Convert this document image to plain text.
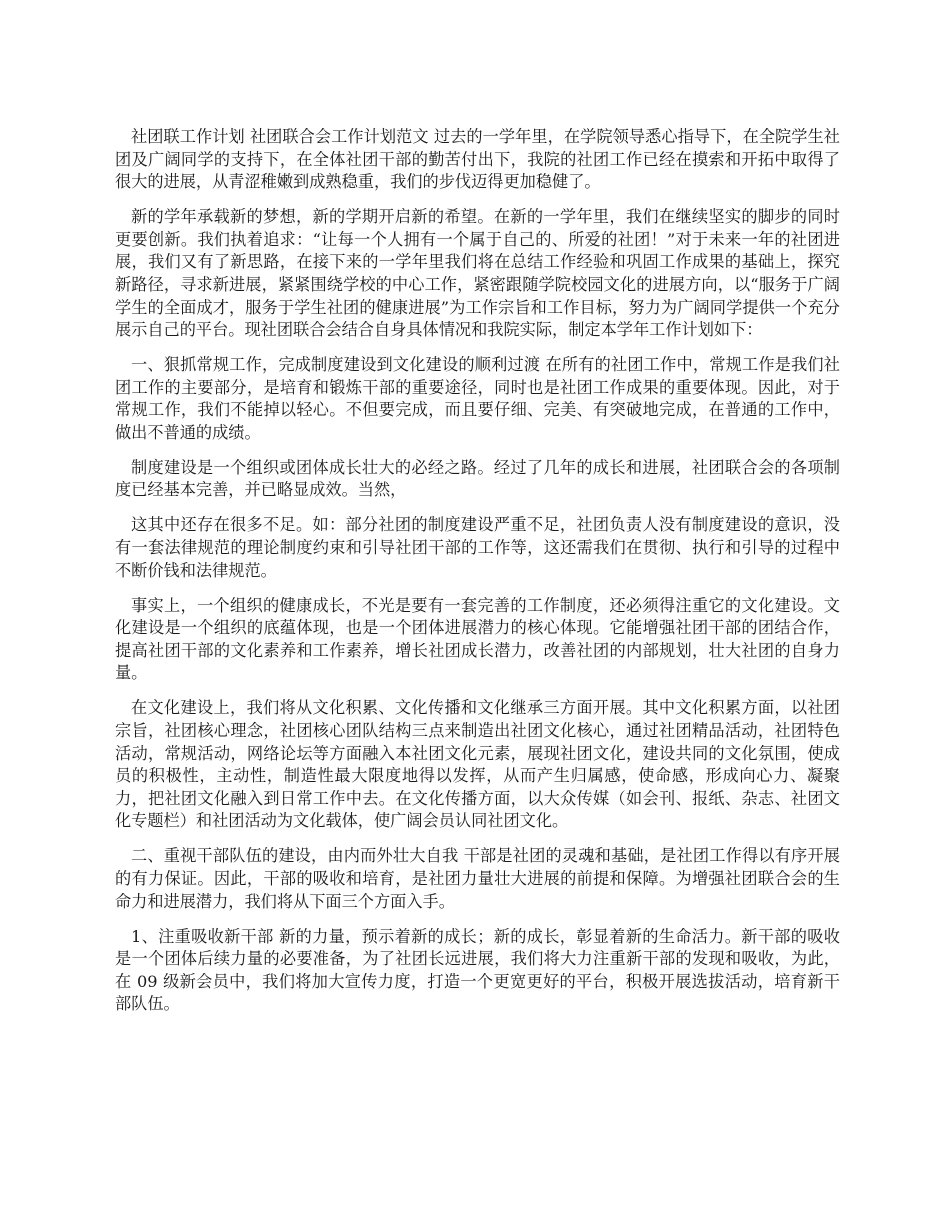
社团联工作计划 社团联合会工作计划范文 过去的一学年里，在学院领导悉心指导下，在全院学生社团及广阔同学的支持下，在全体社团干部的勤苦付出下，我院的社团工作已经在摸索和开拓中取得了很大的进展，从青涩稚嫩到成熟稳重，我们的步伐迈得更加稳健了。

新的学年承载新的梦想，新的学期开启新的希望。在新的一学年里，我们在继续坚实的脚步的同时更要创新。我们执着追求：“让每一个人拥有一个属于自己的、所爱的社团！”对于未来一年的社团进展，我们又有了新思路，在接下来的一学年里我们将在总结工作经验和巩固工作成果的基础上，探究新路径，寻求新进展，紧紧围绕学校的中心工作，紧密跟随学院校园文化的进展方向，以“服务于广阔学生的全面成才，服务于学生社团的健康进展”为工作宗旨和工作目标，努力为广阔同学提供一个充分展示自己的平台。现社团联合会结合自身具体情况和我院实际，制定本学年工作计划如下：

一、狠抓常规工作，完成制度建设到文化建设的顺利过渡 在所有的社团工作中，常规工作是我们社团工作的主要部分，是培育和锻炼干部的重要途径，同时也是社团工作成果的重要体现。因此，对于常规工作，我们不能掉以轻心。不但要完成，而且要仔细、完美、有突破地完成，在普通的工作中，做出不普通的成绩。

制度建设是一个组织或团体成长壮大的必经之路。经过了几年的成长和进展，社团联合会的各项制度已经基本完善，并已略显成效。当然，

这其中还存在很多不足。如：部分社团的制度建设严重不足，社团负责人没有制度建设的意识，没有一套法律规范的理论制度约束和引导社团干部的工作等，这还需我们在贯彻、执行和引导的过程中不断价钱和法律规范。

事实上，一个组织的健康成长，不光是要有一套完善的工作制度，还必须得注重它的文化建设。文化建设是一个组织的底蕴体现，也是一个团体进展潜力的核心体现。它能增强社团干部的团结合作，提高社团干部的文化素养和工作素养，增长社团成长潜力，改善社团的内部规划，壮大社团的自身力量。

在文化建设上，我们将从文化积累、文化传播和文化继承三方面开展。其中文化积累方面，以社团宗旨，社团核心理念，社团核心团队结构三点来制造出社团文化核心，通过社团精品活动，社团特色活动，常规活动，网络论坛等方面融入本社团文化元素，展现社团文化，建设共同的文化氛围，使成员的积极性，主动性，制造性最大限度地得以发挥，从而产生归属感，使命感，形成向心力、凝聚力，把社团文化融入到日常工作中去。在文化传播方面，以大众传媒（如会刊、报纸、杂志、社团文化专题栏）和社团活动为文化载体，使广阔会员认同社团文化。

二、重视干部队伍的建设，由内而外壮大自我 干部是社团的灵魂和基础，是社团工作得以有序开展的有力保证。因此，干部的吸收和培育，是社团力量壮大进展的前提和保障。为增强社团联合会的生命力和进展潜力，我们将从下面三个方面入手。

1、注重吸收新干部 新的力量，预示着新的成长；新的成长，彰显着新的生命活力。新干部的吸收是一个团体后续力量的必要准备，为了社团长远进展，我们将大力注重新干部的发现和吸收，为此，在 09 级新会员中，我们将加大宣传力度，打造一个更宽更好的平台，积极开展选拔活动，培育新干部队伍。
